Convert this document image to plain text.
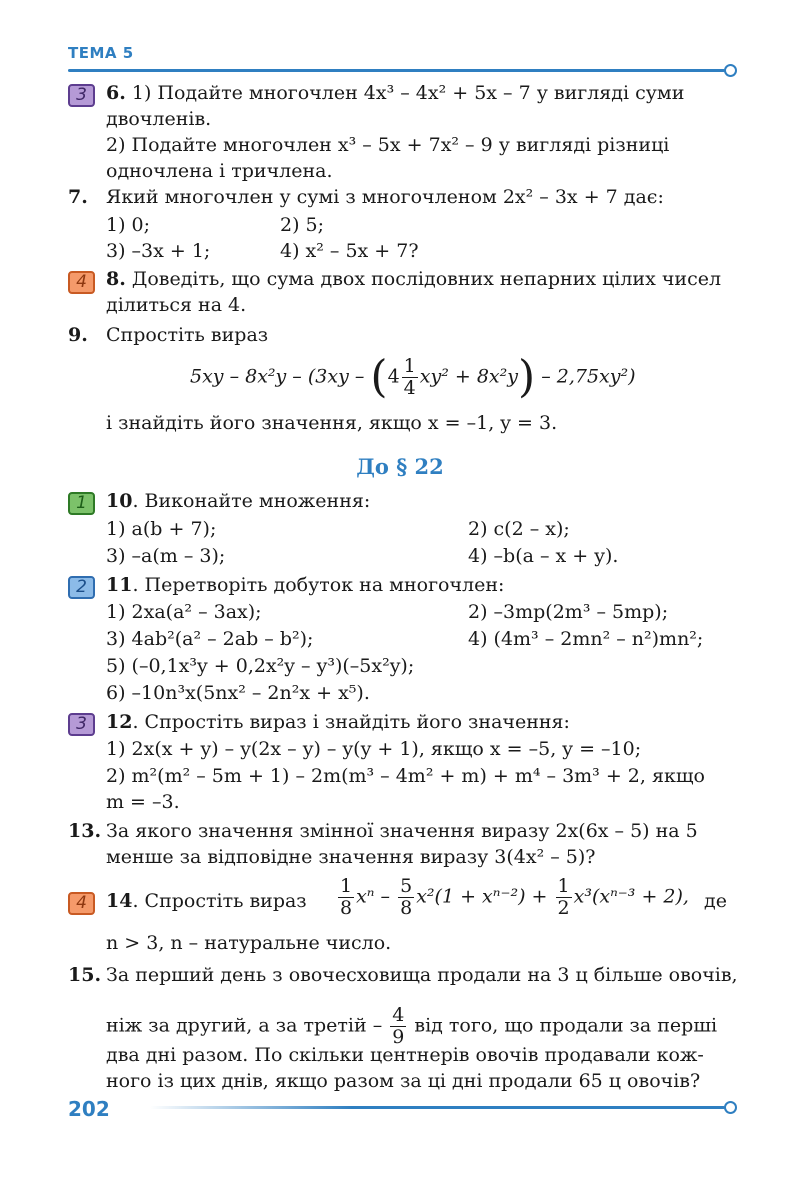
ТЕМА 5
3	6. 1) Подайте многочлен 4x³ – 4x² + 5x – 7 у вигляді суми
двочленів.
2) Подайте многочлен x³ – 5x + 7x² – 9 у вигляді різниці
одночлена і тричлена.
7. Який многочлен у сумі з многочленом 2x² – 3x + 7 дає:
1) 0;	2) 5;
3) –3x + 1;	4) x² – 5x + 7?
4	8. Доведіть, що сума двох послідовних непарних цілих чисел
ділиться на 4.
9. Спростіть вираз
$5xy - 8x^2y - (3xy - (4 \frac{1}{4} xy^2 + 8x^2y) - 2,75xy^2)$
і знайдіть його значення, якщо x = –1, y = 3.
До § 22
1	10. Виконайте множення:
1) a(b + 7);	2) c(2 – x);
3) –a(m – 3);	4) –b(a – x + y).
2	11. Перетворіть добуток на многочлен:
1) 2xa(a² – 3ax);	2) –3mp(2m³ – 5mp);
3) 4ab²(a² – 2ab – b²);	4) (4m³ – 2mn² – n²)mn²;
5) (–0,1x³y + 0,2x²y – y³)(–5x²y);
6) –10n³x(5nx² – 2n²x + x⁵).
3	12. Спростіть вираз і знайдіть його значення:
1) 2x(x + y) – y(2x – y) – y(y + 1), якщо x = –5, y = –10;
2) m²(m² – 5m + 1) – 2m(m³ – 4m² + m) + m⁴ – 3m³ + 2, якщо
m = –3.
13. За якого значення змінної значення виразу 2x(6x – 5) на 5
менше за відповідне значення виразу 3(4x² – 5)?
4	14. Спростіть вираз $\frac{1}{8}$ $x^n - \frac{5}{8} x^2(1 + x^{n-2}) + \frac{1}{2} x^3(x^{n-3} + 2)$, де
n > 3, n – натуральне число.
15. За перший день з овочесховища продали на 3 ц більше овочів,
ніж за другий, а за третій – $\frac{4}{9}$ від того, що продали за перші
два дні разом. По скільки центнерів овочів продавали кож-
ного із цих днів, якщо разом за ці дні продали 65 ц овочів?
202
